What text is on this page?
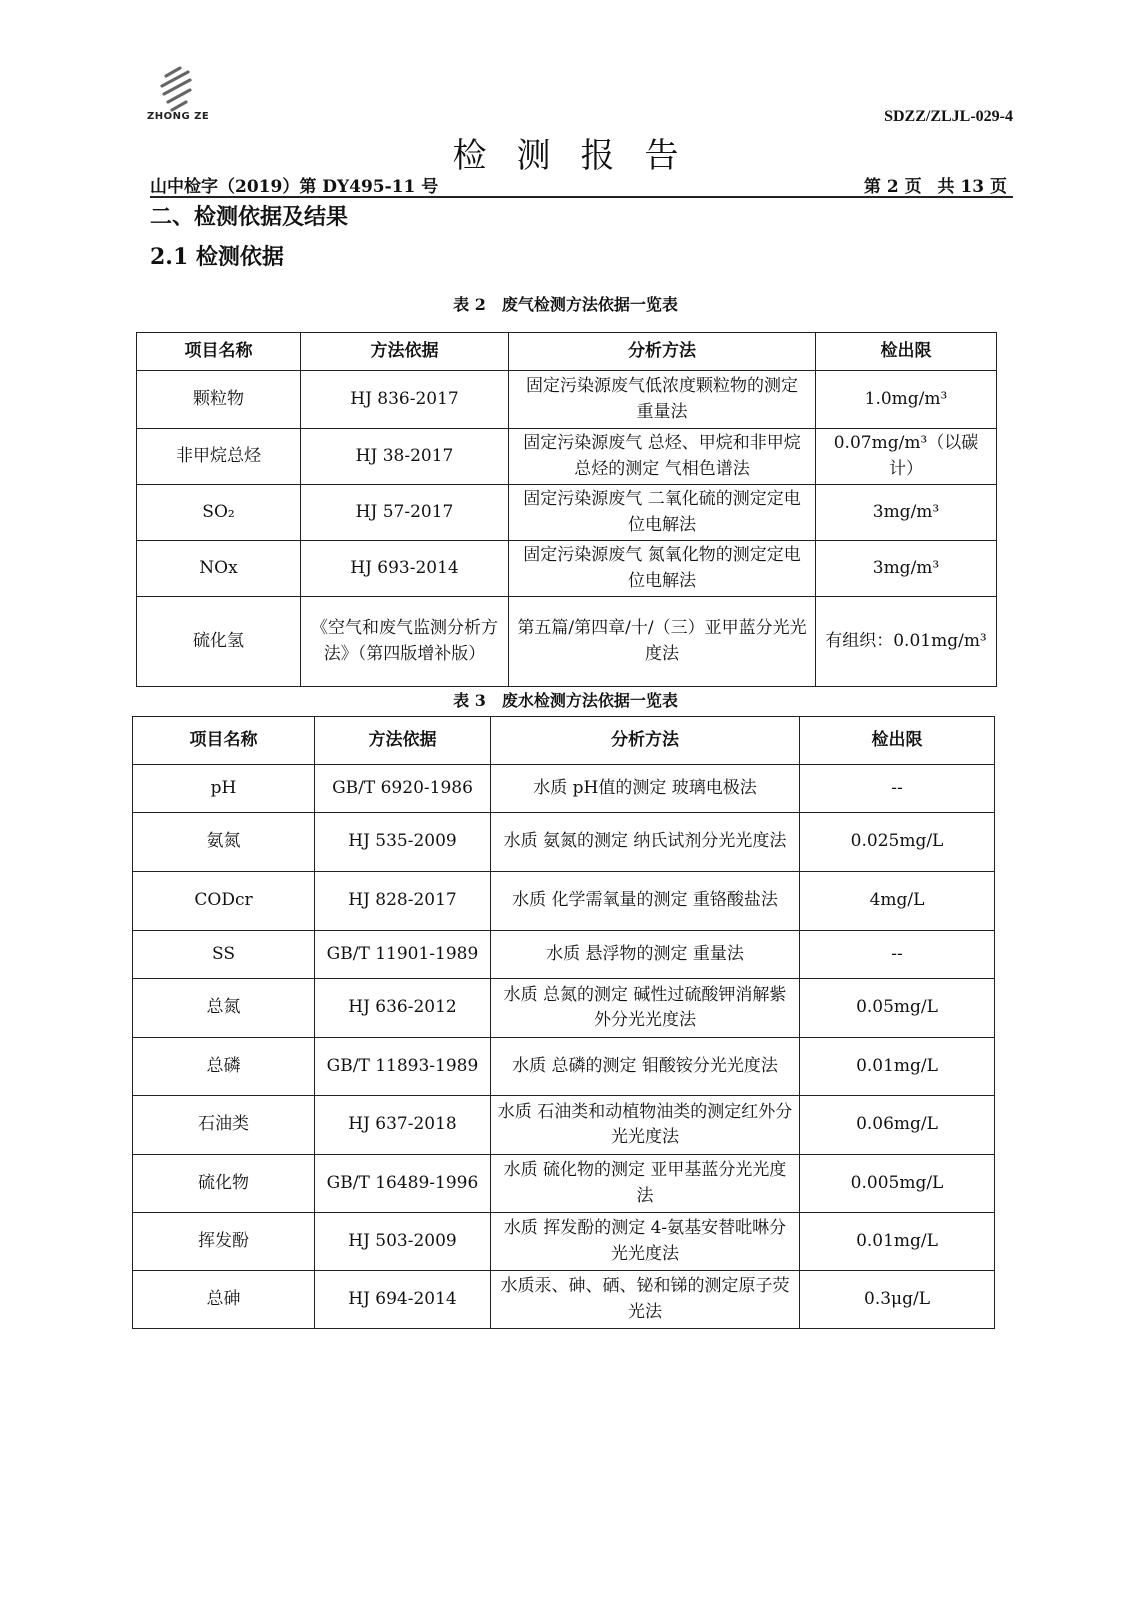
ZHONG ZE	SDZZ/ZLJL-029-4
检测报告
山中检字（2019）第 DY495-11 号	第 2 页 共 13 页
二、检测依据及结果
2.1 检测依据
表 2　废气检测方法依据一览表
项目名称	方法依据	分析方法	检出限
颗粒物	HJ 836-2017	固定污染源废气低浓度颗粒物的测定 重量法	1.0mg/m³
非甲烷总烃	HJ 38-2017	固定污染源废气 总烃、甲烷和非甲烷总烃的测定 气相色谱法	0.07mg/m³（以碳计）
SO₂	HJ 57-2017	固定污染源废气 二氧化硫的测定定电位电解法	3mg/m³
NOx	HJ 693-2014	固定污染源废气 氮氧化物的测定定电位电解法	3mg/m³
硫化氢	《空气和废气监测分析方法》（第四版增补版）	第五篇/第四章/十/（三）亚甲蓝分光光度法	有组织：0.01mg/m³
表 3　废水检测方法依据一览表
项目名称	方法依据	分析方法	检出限
pH	GB/T 6920-1986	水质 pH值的测定 玻璃电极法	--
氨氮	HJ 535-2009	水质 氨氮的测定 纳氏试剂分光光度法	0.025mg/L
CODcr	HJ 828-2017	水质 化学需氧量的测定 重铬酸盐法	4mg/L
SS	GB/T 11901-1989	水质 悬浮物的测定 重量法	--
总氮	HJ 636-2012	水质 总氮的测定 碱性过硫酸钾消解紫外分光光度法	0.05mg/L
总磷	GB/T 11893-1989	水质 总磷的测定 钼酸铵分光光度法	0.01mg/L
石油类	HJ 637-2018	水质 石油类和动植物油类的测定红外分光光度法	0.06mg/L
硫化物	GB/T 16489-1996	水质 硫化物的测定 亚甲基蓝分光光度法	0.005mg/L
挥发酚	HJ 503-2009	水质 挥发酚的测定 4-氨基安替吡啉分光光度法	0.01mg/L
总砷	HJ 694-2014	水质汞、砷、硒、铋和锑的测定原子荧光法	0.3μg/L
